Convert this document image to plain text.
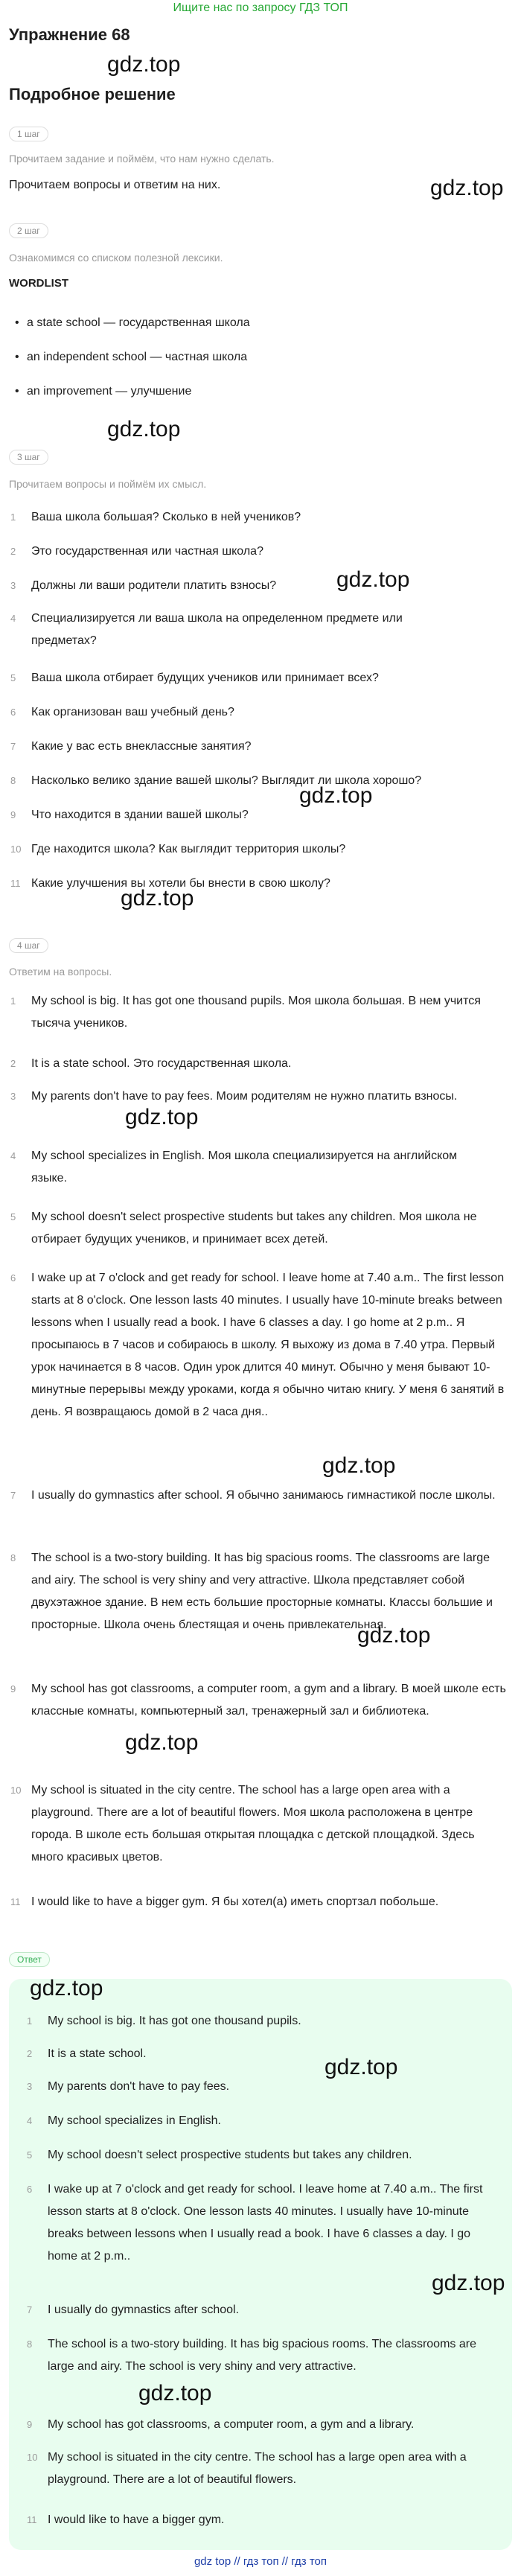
Ищите нас по запросу ГДЗ ТОП
Упражнение 68
gdz.top
Подробное решение
1 шаг
Прочитаем задание и поймём, что нам нужно сделать.
Прочитаем вопросы и ответим на них.	gdz.top
2 шаг
Ознакомимся со списком полезной лексики.
WORDLIST
• a state school — государственная школа
• an independent school — частная школа
• an improvement — улучшение
gdz.top
3 шаг
Прочитаем вопросы и поймём их смысл.
1	Ваша школа большая? Сколько в ней учеников?
2	Это государственная или частная школа?
3	Должны ли ваши родители платить взносы?	gdz.top
4	Специализируется ли ваша школа на определенном предмете или предметах?
5	Ваша школа отбирает будущих учеников или принимает всех?
6	Как организован ваш учебный день?
7	Какие у вас есть внеклассные занятия?
8	Насколько велико здание вашей школы? Выглядит ли школа хорошо?
9	Что находится в здании вашей школы?
gdz.top
10 Где находится школа? Как выглядит территория школы?
11 Какие улучшения вы хотели бы внести в свою школу?
gdz.top
4 шаг
Ответим на вопросы.
1	My school is big. It has got one thousand pupils. Моя школа большая. В нем учится тысяча учеников.
2	It is a state school. Это государственная школа.
3	My parents don't have to pay fees. Моим родителям не нужно платить взносы.
gdz.top
4	My school specializes in English. Моя школа специализируется на английском языке.
5	My school doesn't select prospective students but takes any children. Моя школа не отбирает будущих учеников, и принимает всех детей.
6	I wake up at 7 o'clock and get ready for school. I leave home at 7.40 a.m.. The first lesson starts at 8 o'clock. One lesson lasts 40 minutes. I usually have 10-minute breaks between lessons when I usually read a book. I have 6 classes a day. I go home at 2 p.m.. Я просыпаюсь в 7 часов и собираюсь в школу. Я выхожу из дома в 7.40 утра. Первый урок начинается в 8 часов. Один урок длится 40 минут. Обычно у меня бывают 10-минутные перерывы между уроками, когда я обычно читаю книгу. У меня 6 занятий в день. Я возвращаюсь домой в 2 часа дня..
gdz.top
7	I usually do gymnastics after school. Я обычно занимаюсь гимнастикой после школы.
8	The school is a two-story building. It has big spacious rooms. The classrooms are large and airy. The school is very shiny and very attractive. Школа представляет собой двухэтажное здание. В нем есть большие просторные комнаты. Классы большие и просторные. Школа очень блестящая и очень привлекательная.
gdz.top
9	My school has got classrooms, a computer room, a gym and a library. В моей школе есть классные комнаты, компьютерный зал, тренажерный зал и библиотека.
gdz.top
10 My school is situated in the city centre. The school has a large open area with a playground. There are a lot of beautiful flowers. Моя школа расположена в центре города. В школе есть большая открытая площадка с детской площадкой. Здесь много красивых цветов.
11 I would like to have a bigger gym. Я бы хотел(а) иметь спортзал побольше.
Ответ
gdz.top
1	My school is big. It has got one thousand pupils.
2	It is a state school.
gdz.top
3	My parents don't have to pay fees.
4	My school specializes in English.
5	My school doesn't select prospective students but takes any children.
6	I wake up at 7 o'clock and get ready for school. I leave home at 7.40 a.m.. The first lesson starts at 8 o'clock. One lesson lasts 40 minutes. I usually have 10-minute breaks between lessons when I usually read a book. I have 6 classes a day. I go home at 2 p.m..
gdz.top
7	I usually do gymnastics after school.
8	The school is a two-story building. It has big spacious rooms. The classrooms are large and airy. The school is very shiny and very attractive.
gdz.top
9	My school has got classrooms, a computer room, a gym and a library.
10 My school is situated in the city centre. The school has a large open area with a playground. There are a lot of beautiful flowers.
11 I would like to have a bigger gym.
gdz top // гдз топ // гдз топ
